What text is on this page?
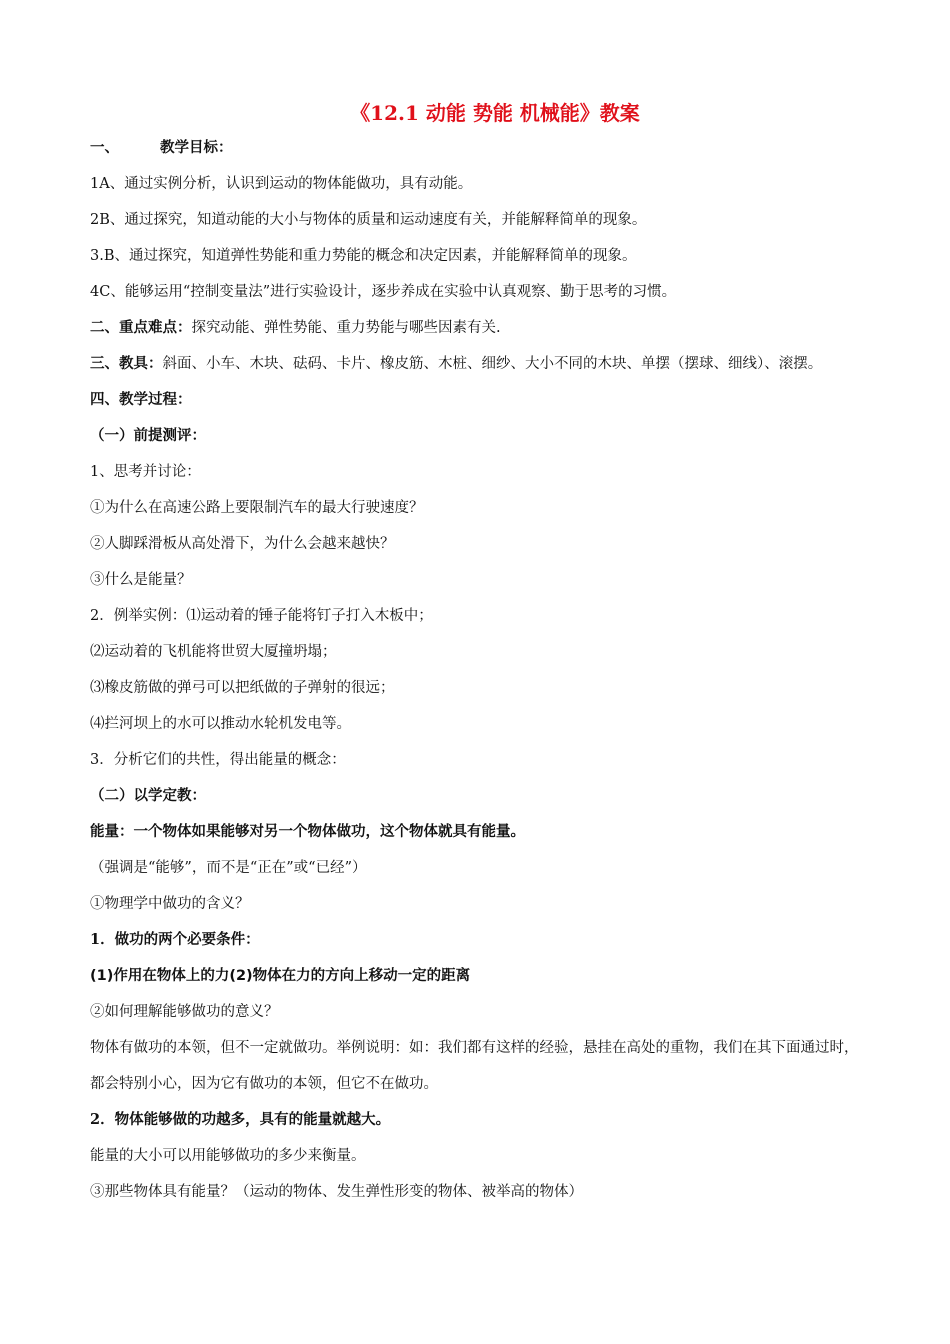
《12.1 动能 势能 机械能》教案
一、	教学目标：
1A、通过实例分析，认识到运动的物体能做功，具有动能。
2B、通过探究，知道动能的大小与物体的质量和运动速度有关，并能解释简单的现象。
3.B、通过探究，知道弹性势能和重力势能的概念和决定因素，并能解释简单的现象。
4C、能够运用“控制变量法”进行实验设计，逐步养成在实验中认真观察、勤于思考的习惯。
二、重点难点：探究动能、弹性势能、重力势能与哪些因素有关.
三、教具：斜面、小车、木块、砝码、卡片、橡皮筋、木桩、细纱、大小不同的木块、单摆（摆球、细线）、滚摆。
四、教学过程：
（一）前提测评：
1、思考并讨论：
①为什么在高速公路上要限制汽车的最大行驶速度？
②人脚踩滑板从高处滑下，为什么会越来越快？
③什么是能量？
2．例举实例：⑴运动着的锤子能将钉子打入木板中；
⑵运动着的飞机能将世贸大厦撞坍塌；
⑶橡皮筋做的弹弓可以把纸做的子弹射的很远；
⑷拦河坝上的水可以推动水轮机发电等。
3．分析它们的共性，得出能量的概念：
（二）以学定教：
能量：一个物体如果能够对另一个物体做功，这个物体就具有能量。
（强调是“能够”，而不是“正在”或“已经”）
①物理学中做功的含义？
1．做功的两个必要条件：
(1)作用在物体上的力(2)物体在力的方向上移动一定的距离
②如何理解能够做功的意义？
物体有做功的本领，但不一定就做功。举例说明：如：我们都有这样的经验，悬挂在高处的重物，我们在其下面通过时，都会特别小心，因为它有做功的本领，但它不在做功。
2．物体能够做的功越多，具有的能量就越大。
能量的大小可以用能够做功的多少来衡量。
③那些物体具有能量？（运动的物体、发生弹性形变的物体、被举高的物体）
